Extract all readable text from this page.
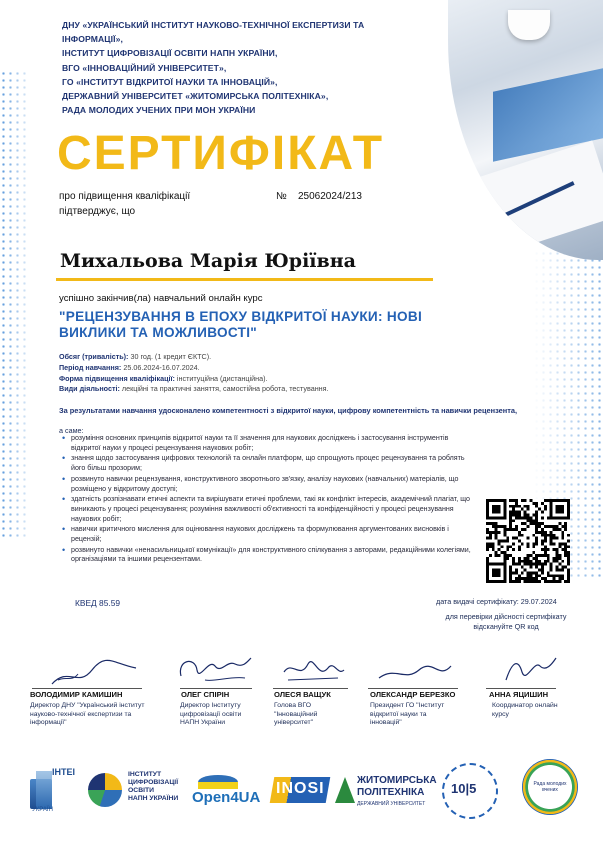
ДНУ «УКРАЇНСЬКИЙ ІНСТИТУТ НАУКОВО-ТЕХНІЧНОЇ ЕКСПЕРТИЗИ ТА ІНФОРМАЦІЇ»,
ІНСТИТУТ ЦИФРОВІЗАЦІЇ ОСВІТИ НАПН УКРАЇНИ,
ВГО «ІННОВАЦІЙНИЙ УНІВЕРСИТЕТ»,
ГО «ІНСТИТУТ ВІДКРИТОЇ НАУКИ ТА ІННОВАЦІЙ»,
ДЕРЖАВНИЙ УНІВЕРСИТЕТ «ЖИТОМИРСЬКА ПОЛІТЕХНІКА»,
РАДА МОЛОДИХ УЧЕНИХ ПРИ МОН УКРАЇНИ
СЕРТИФІКАТ
про підвищення кваліфікації
підтверджує, що
№ 25062024/213
Михальова Марія Юріївна
успішно закінчив(ла) навчальний онлайн курс
"РЕЦЕНЗУВАННЯ В ЕПОХУ ВІДКРИТОЇ НАУКИ: НОВІ ВИКЛИКИ ТА МОЖЛИВОСТІ"
Обсяг (тривалість): 30 год. (1 кредит ЄКТС).
Період навчання: 25.06.2024-16.07.2024.
Форма підвищення кваліфікації: інституційна (дистанційна).
Види діяльності: лекційні та практичні заняття, самостійна робота, тестування.
За результатами навчання удосконалено компетентності з відкритої науки, цифрову компетентність та навички рецензента,
а саме:
• розуміння основних принципів відкритої науки та її значення для наукових досліджень і застосування інструментів відкритої науки у процесі рецензування наукових робіт;
• знання щодо застосування цифрових технологій та онлайн платформ, що спрощують процес рецензування та роблять його більш прозорим;
• розвинуто навички рецензування, конструктивного зворотнього зв'язку, аналізу наукових (навчальних) матеріалів, що розміщено у відкритому доступі;
• здатність розпізнавати етичні аспекти та вирішувати етичні проблеми, такі як конфлікт інтересів, академічний плагіат, що виникають у процесі рецензування; розуміння важливості об'єктивності та конфіденційності у процесі рецензування наукових робіт;
• навички критичного мислення для оцінювання наукових досліджень та формулювання аргументованих висновків і рецензій;
• розвинуто навички «ненасильницької комунікації» для конструктивного спілкування з авторами, редакційними колегіями, організаціями та іншими рецензентами.
КВЕД 85.59	дата видачі сертифікату: 29.07.2024
для перевірки дійсності сертифікату відскануйте QR код
ВОЛОДИМИР КАМИШИН
Директор ДНУ "Український інститут науково-технічної експертизи та інформації"
ОЛЕГ СПІРІН
Директор Інституту цифровізації освіти НАПН України
ОЛЕСЯ ВАЩУК
Голова ВГО "Інноваційний університет"
ОЛЕКСАНДР БЕРЕЗКО
Президент ГО "Інститут відкритої науки та інновацій"
АННА ЯЦИШИН
Координатор онлайн курсу
ІНТЕІ
УКРАЇН
ІНСТИТУТ
ЦИФРОВІЗАЦІЇ
ОСВІТИ
НАПН УКРАЇНИ Open4UA
INOSI	ЖИТОМИРСЬКА
ПОЛІТЕХНІКА
ДЕРЖАВНИЙ УНІВЕРСИТЕТ
10|5	Рада молодих вчених
